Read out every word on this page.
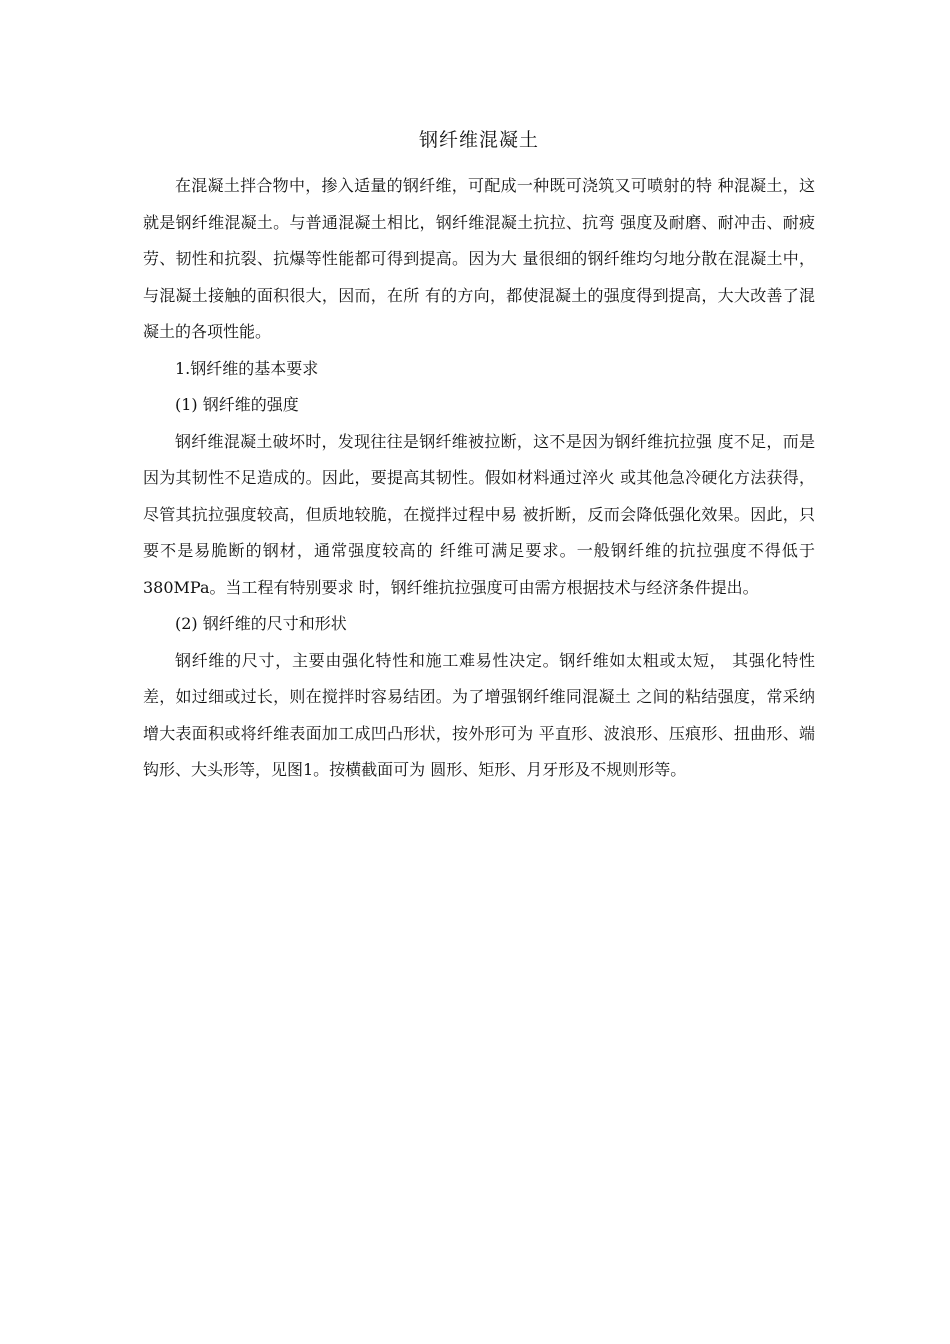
钢纤维混凝土

在混凝土拌合物中，掺入适量的钢纤维，可配成一种既可浇筑又可喷射的特 种混凝土，这就是钢纤维混凝土。与普通混凝土相比，钢纤维混凝土抗拉、抗弯 强度及耐磨、耐冲击、耐疲劳、韧性和抗裂、抗爆等性能都可得到提高。因为大 量很细的钢纤维均匀地分散在混凝土中，与混凝土接触的面积很大，因而，在所 有的方向，都使混凝土的强度得到提高，大大改善了混凝土的各项性能。

1.钢纤维的基本要求

(1) 钢纤维的强度

钢纤维混凝土破坏时，发现往往是钢纤维被拉断，这不是因为钢纤维抗拉强 度不足，而是因为其韧性不足造成的。因此，要提高其韧性。假如材料通过淬火 或其他急冷硬化方法获得，尽管其抗拉强度较高，但质地较脆，在搅拌过程中易 被折断，反而会降低强化效果。因此，只要不是易脆断的钢材，通常强度较高的 纤维可满足要求。一般钢纤维的抗拉强度不得低于380MPa。当工程有特别要求 时，钢纤维抗拉强度可由需方根据技术与经济条件提出。

(2) 钢纤维的尺寸和形状

钢纤维的尺寸，主要由强化特性和施工难易性决定。钢纤维如太粗或太短， 其强化特性差，如过细或过长，则在搅拌时容易结团。为了增强钢纤维同混凝土 之间的粘结强度，常采纳增大表面积或将纤维表面加工成凹凸形状，按外形可为 平直形、波浪形、压痕形、扭曲形、端钩形、大头形等，见图1。按横截面可为 圆形、矩形、月牙形及不规则形等。
